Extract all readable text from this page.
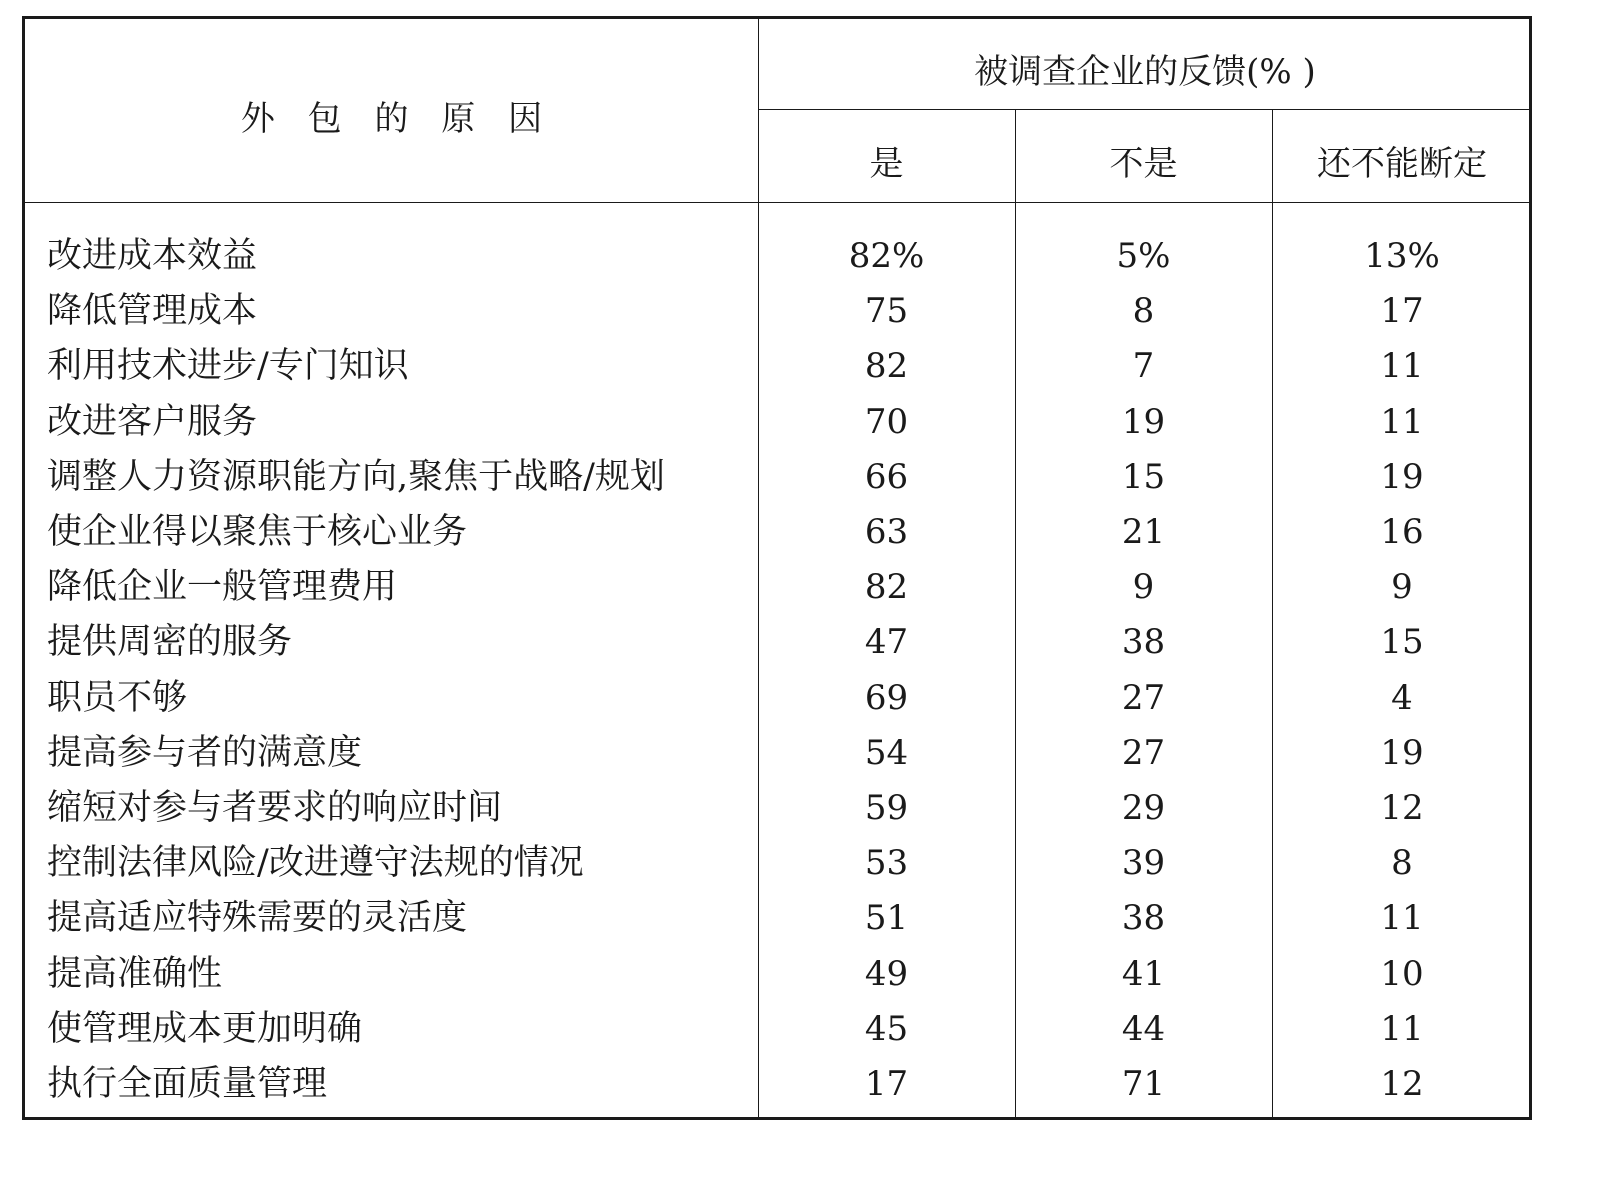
外 包 的 原 因
被调查企业的反馈(% )
是	不是	还不能断定
改进成本效益	82%	5%	13%
降低管理成本	75	8	17
利用技术进步/专门知识	82	7	11
改进客户服务	70	19	11
调整人力资源职能方向,聚焦于战略/规划	66	15	19
使企业得以聚焦于核心业务	63	21	16
降低企业一般管理费用	82	9	9
提供周密的服务	47	38	15
职员不够	69	27	4
提高参与者的满意度	54	27	19
缩短对参与者要求的响应时间	59	29	12
控制法律风险/改进遵守法规的情况	53	39	8
提高适应特殊需要的灵活度	51	38	11
提高准确性	49	41	10
使管理成本更加明确	45	44	11
执行全面质量管理	17	71	12
